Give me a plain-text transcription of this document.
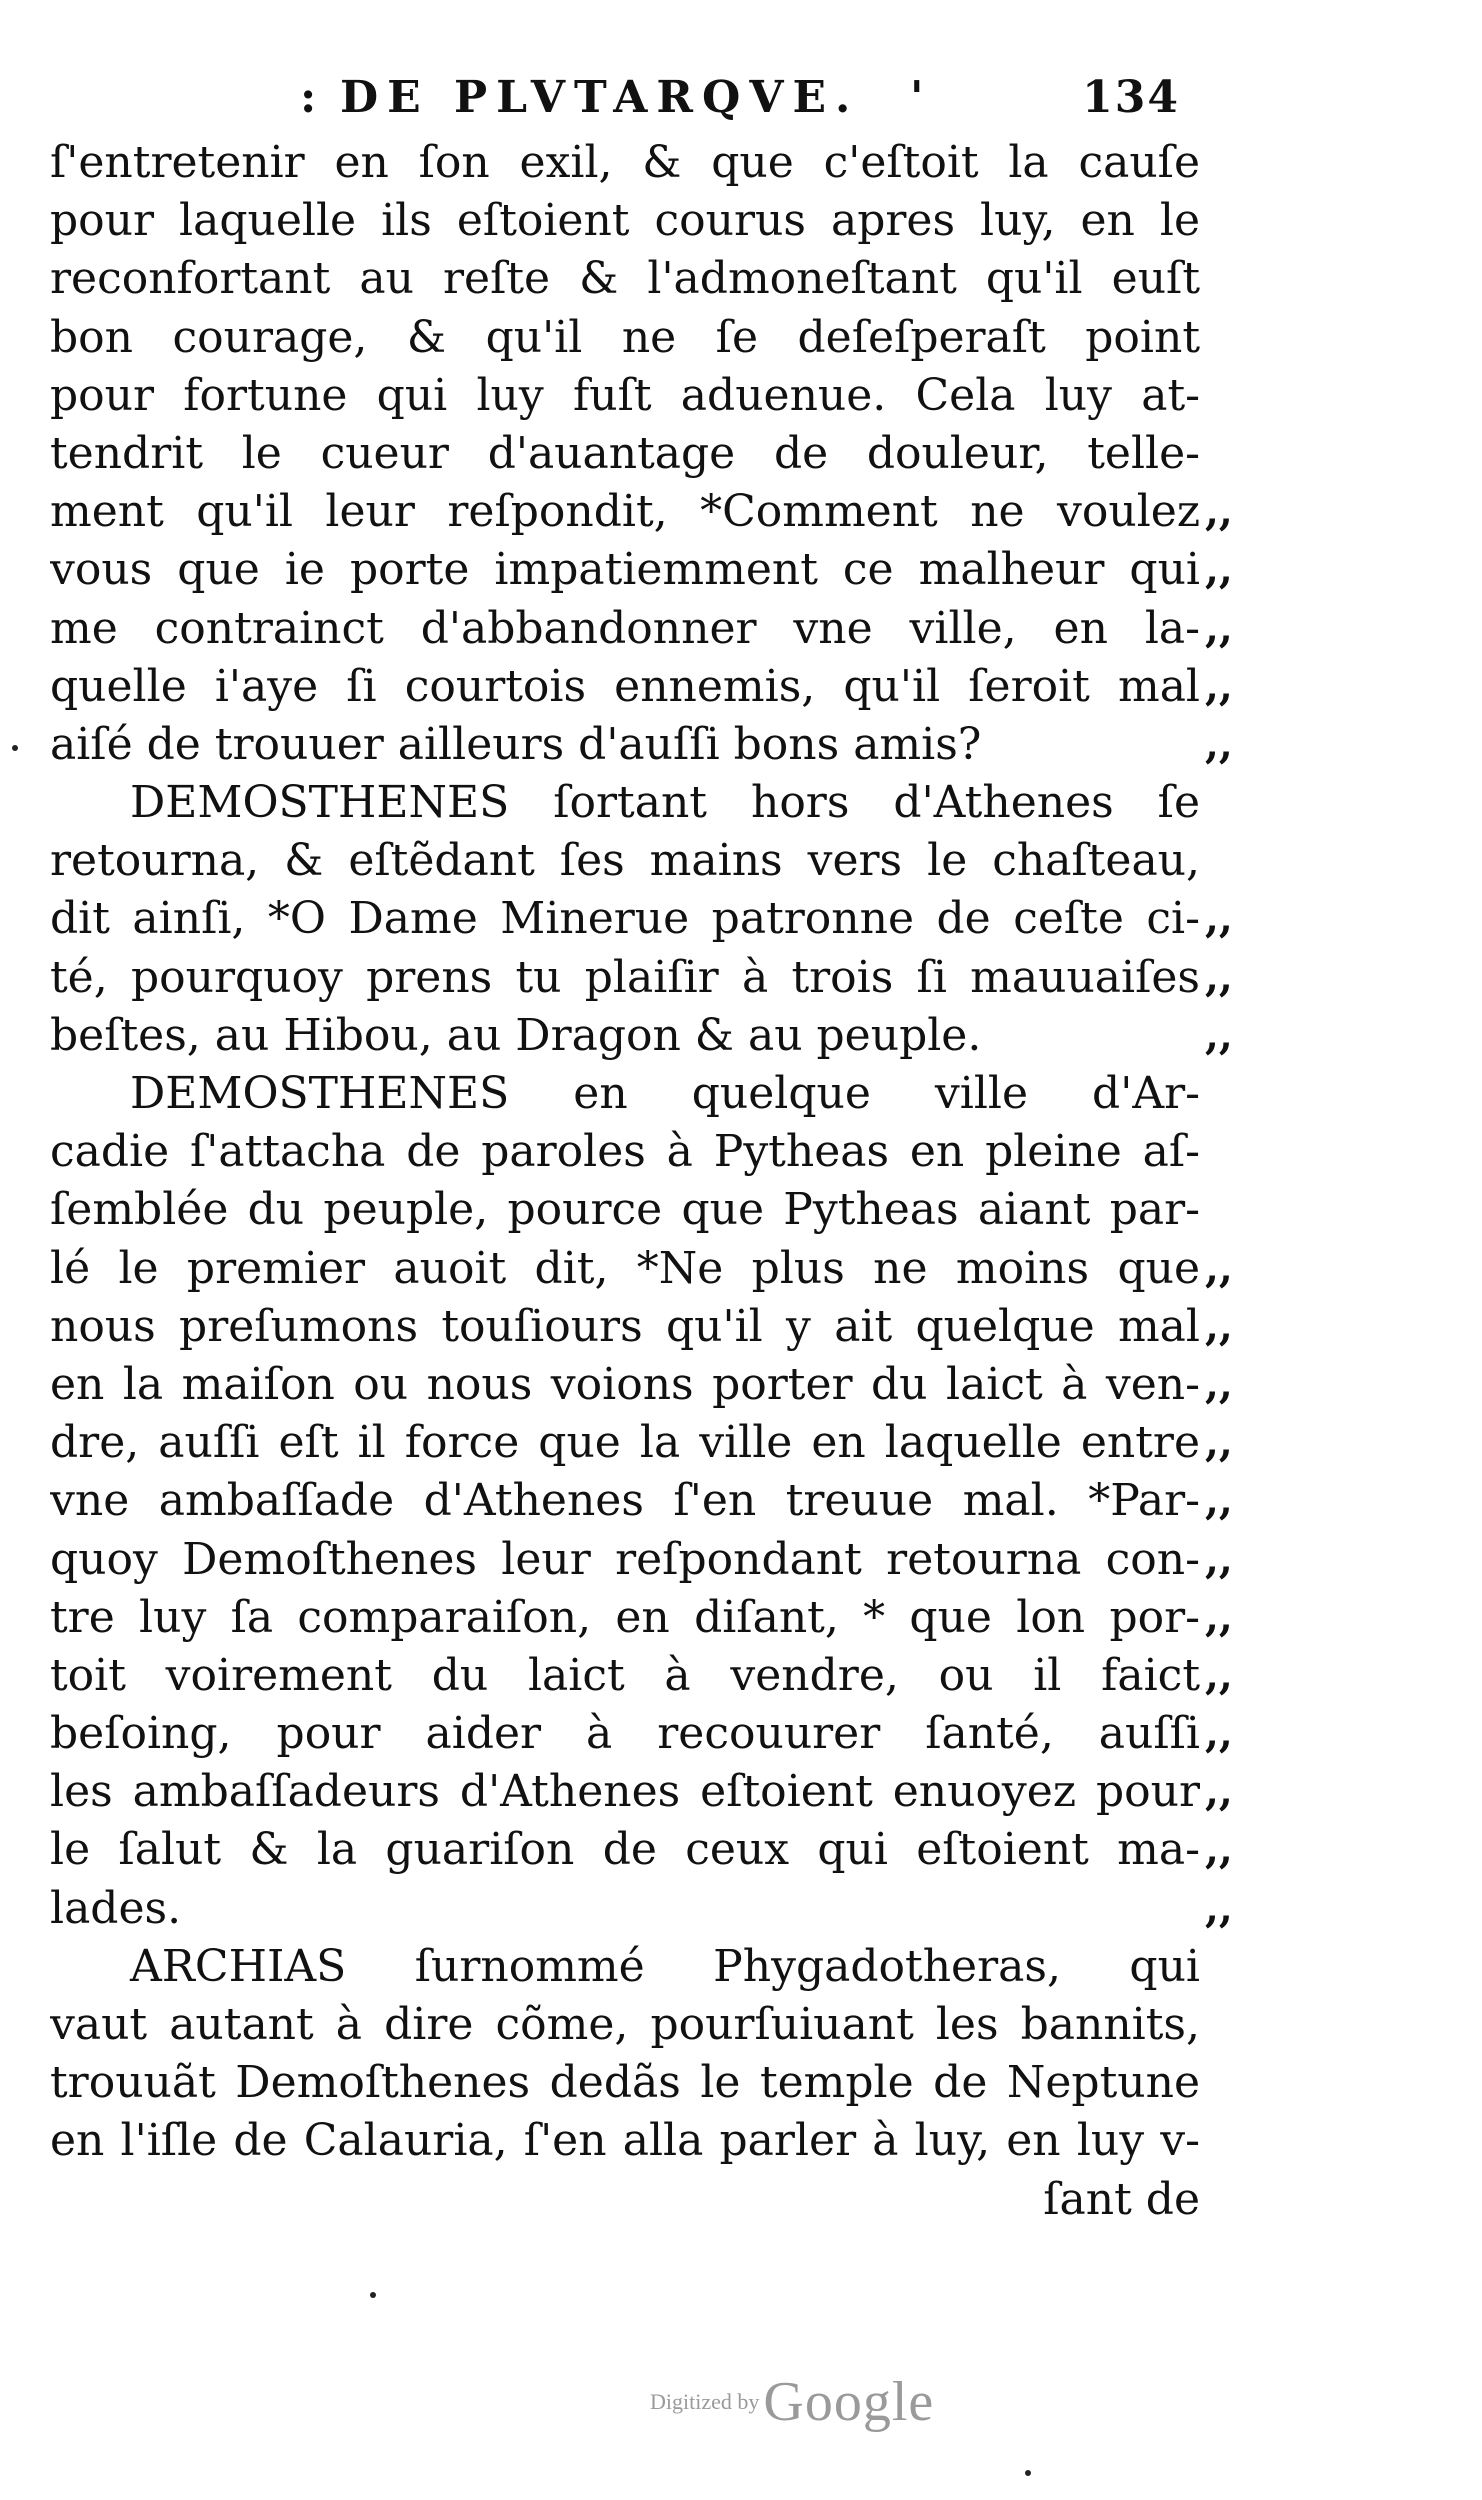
: DE PLVTARQVE. '	134
ſ'entretenir en ſon exil, & que c'eſtoit la cauſe
pour laquelle ils eſtoient courus apres luy, en le
reconfortant au reſte & l'admoneſtant qu'il euſt
bon courage, & qu'il ne ſe deſeſperaſt point
pour fortune qui luy fuſt aduenue. Cela luy at-
tendrit le cueur d'auantage de douleur, telle-
ment qu'il leur reſpondit, *Comment ne voulez
vous que ie porte impatiemment ce malheur qui
me contrainct d'abbandonner vne ville, en la-
quelle i'aye ſi courtois ennemis, qu'il ſeroit mal
aiſé de trouuer ailleurs d'auſſi bons amis?
DEMOSTHENES ſortant hors d'Athenes ſe
retourna, & eſtẽdant ſes mains vers le chaſteau,
dit ainſi, *O Dame Minerue patronne de ceſte ci-
té, pourquoy prens tu plaiſir à trois ſi mauuaiſes
beſtes, au Hibou, au Dragon & au peuple.
DEMOSTHENES en quelque ville d'Ar-
cadie ſ'attacha de paroles à Pytheas en pleine aſ-
ſemblée du peuple, pource que Pytheas aiant par-
lé le premier auoit dit, *Ne plus ne moins que
nous preſumons touſiours qu'il y ait quelque mal
en la maiſon ou nous voions porter du laict à ven-
dre, auſſi eſt il force que la ville en laquelle entre
vne ambaſſade d'Athenes ſ'en treuue mal. *Par-
quoy Demoſthenes leur reſpondant retourna con-
tre luy ſa comparaiſon, en diſant, * que lon por-
toit voirement du laict à vendre, ou il faict
beſoing, pour aider à recouurer ſanté, auſſi
les ambaſſadeurs d'Athenes eſtoient enuoyez pour
le ſalut & la guariſon de ceux qui eſtoient ma-
lades.
ARCHIAS ſurnommé Phygadotheras, qui
vaut autant à dire cõme, pourſuiuant les bannits,
trouuãt Demoſthenes dedãs le temple de Neptune
en l'iſle de Calauria, ſ'en alla parler à luy, en luy v-
ſant de
,,
,,
,,
,,
,,
,,
,,
,,
,,
,,
,,
,,
,,
,,
,,
,,
,,
,,
,,
,,
Digitized by Google
